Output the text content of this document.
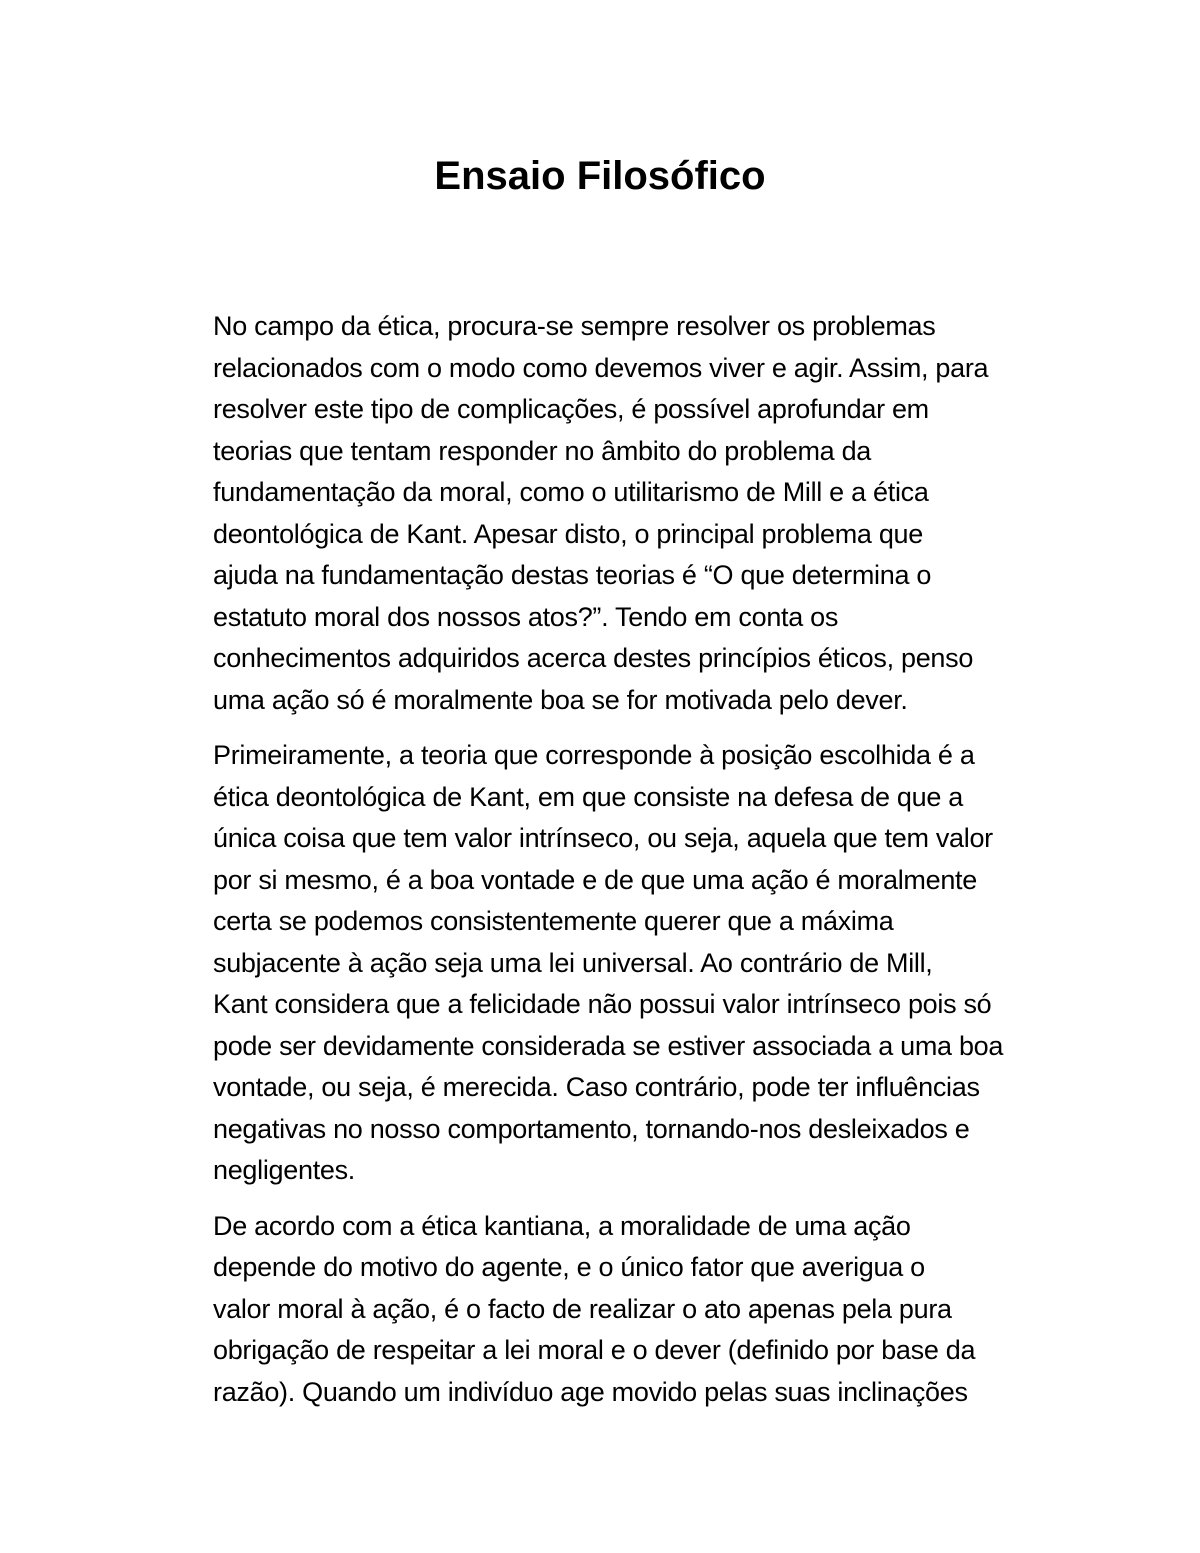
Ensaio Filosófico

No campo da ética, procura-se sempre resolver os problemas
relacionados com o modo como devemos viver e agir. Assim, para
resolver este tipo de complicações, é possível aprofundar em
teorias que tentam responder no âmbito do problema da
fundamentação da moral, como o utilitarismo de Mill e a ética
deontológica de Kant. Apesar disto, o principal problema que
ajuda na fundamentação destas teorias é “O que determina o
estatuto moral dos nossos atos?”. Tendo em conta os
conhecimentos adquiridos acerca destes princípios éticos, penso
uma ação só é moralmente boa se for motivada pelo dever.

Primeiramente, a teoria que corresponde à posição escolhida é a
ética deontológica de Kant, em que consiste na defesa de que a
única coisa que tem valor intrínseco, ou seja, aquela que tem valor
por si mesmo, é a boa vontade e de que uma ação é moralmente
certa se podemos consistentemente querer que a máxima
subjacente à ação seja uma lei universal. Ao contrário de Mill,
Kant considera que a felicidade não possui valor intrínseco pois só
pode ser devidamente considerada se estiver associada a uma boa
vontade, ou seja, é merecida. Caso contrário, pode ter influências
negativas no nosso comportamento, tornando-nos desleixados e
negligentes.

De acordo com a ética kantiana, a moralidade de uma ação
depende do motivo do agente, e o único fator que averigua o
valor moral à ação, é o facto de realizar o ato apenas pela pura
obrigação de respeitar a lei moral e o dever (definido por base da
razão). Quando um indivíduo age movido pelas suas inclinações
